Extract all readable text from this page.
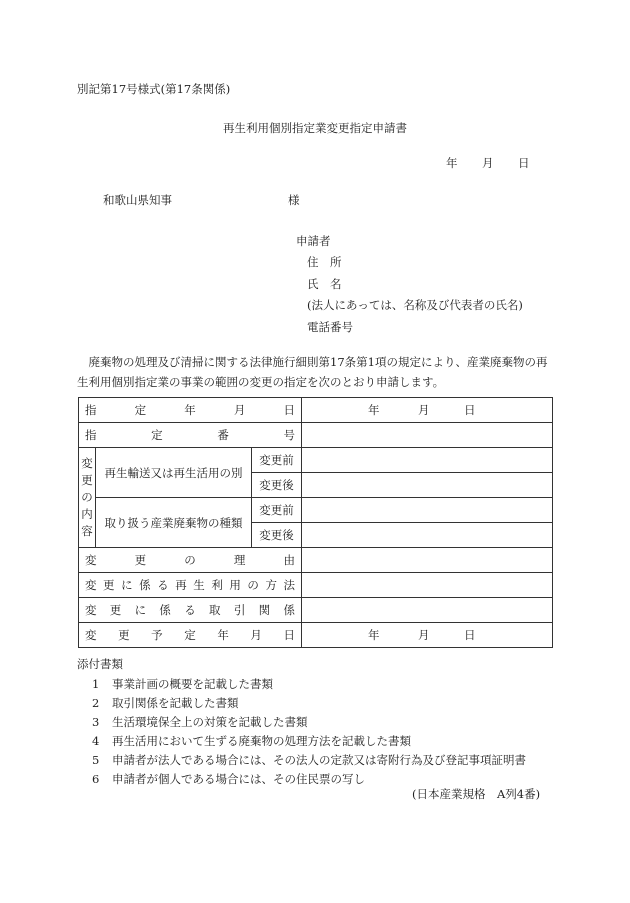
別記第17号様式(第17条関係)
再生利用個別指定業変更指定申請書
年 月 日
和歌山県知事	様
申請者
住　所
氏　名
(法人にあっては、名称及び代表者の氏名)
電話番号
廃棄物の処理及び清掃に関する法律施行細則第17条第1項の規定により、産業廃棄物の再生利用個別指定業の事業の範囲の変更の指定を次のとおり申請します。
指定年月日			年 月 日
指定番号			
変
更
の
内
容	再生輸送又は再生活用の別	変更前	
		変更後	
	取り扱う産業廃棄物の種類	変更前	
		変更後	
変更の理由			
変更に係る再生利用の方法			
変更に係る取引関係			
変更予定年月日			年 月 日
添付書類
1 事業計画の概要を記載した書類
2 取引関係を記載した書類
3 生活環境保全上の対策を記載した書類
4 再生活用において生ずる廃棄物の処理方法を記載した書類
5 申請者が法人である場合には、その法人の定款又は寄附行為及び登記事項証明書
6 申請者が個人である場合には、その住民票の写し
(日本産業規格　A列4番)
